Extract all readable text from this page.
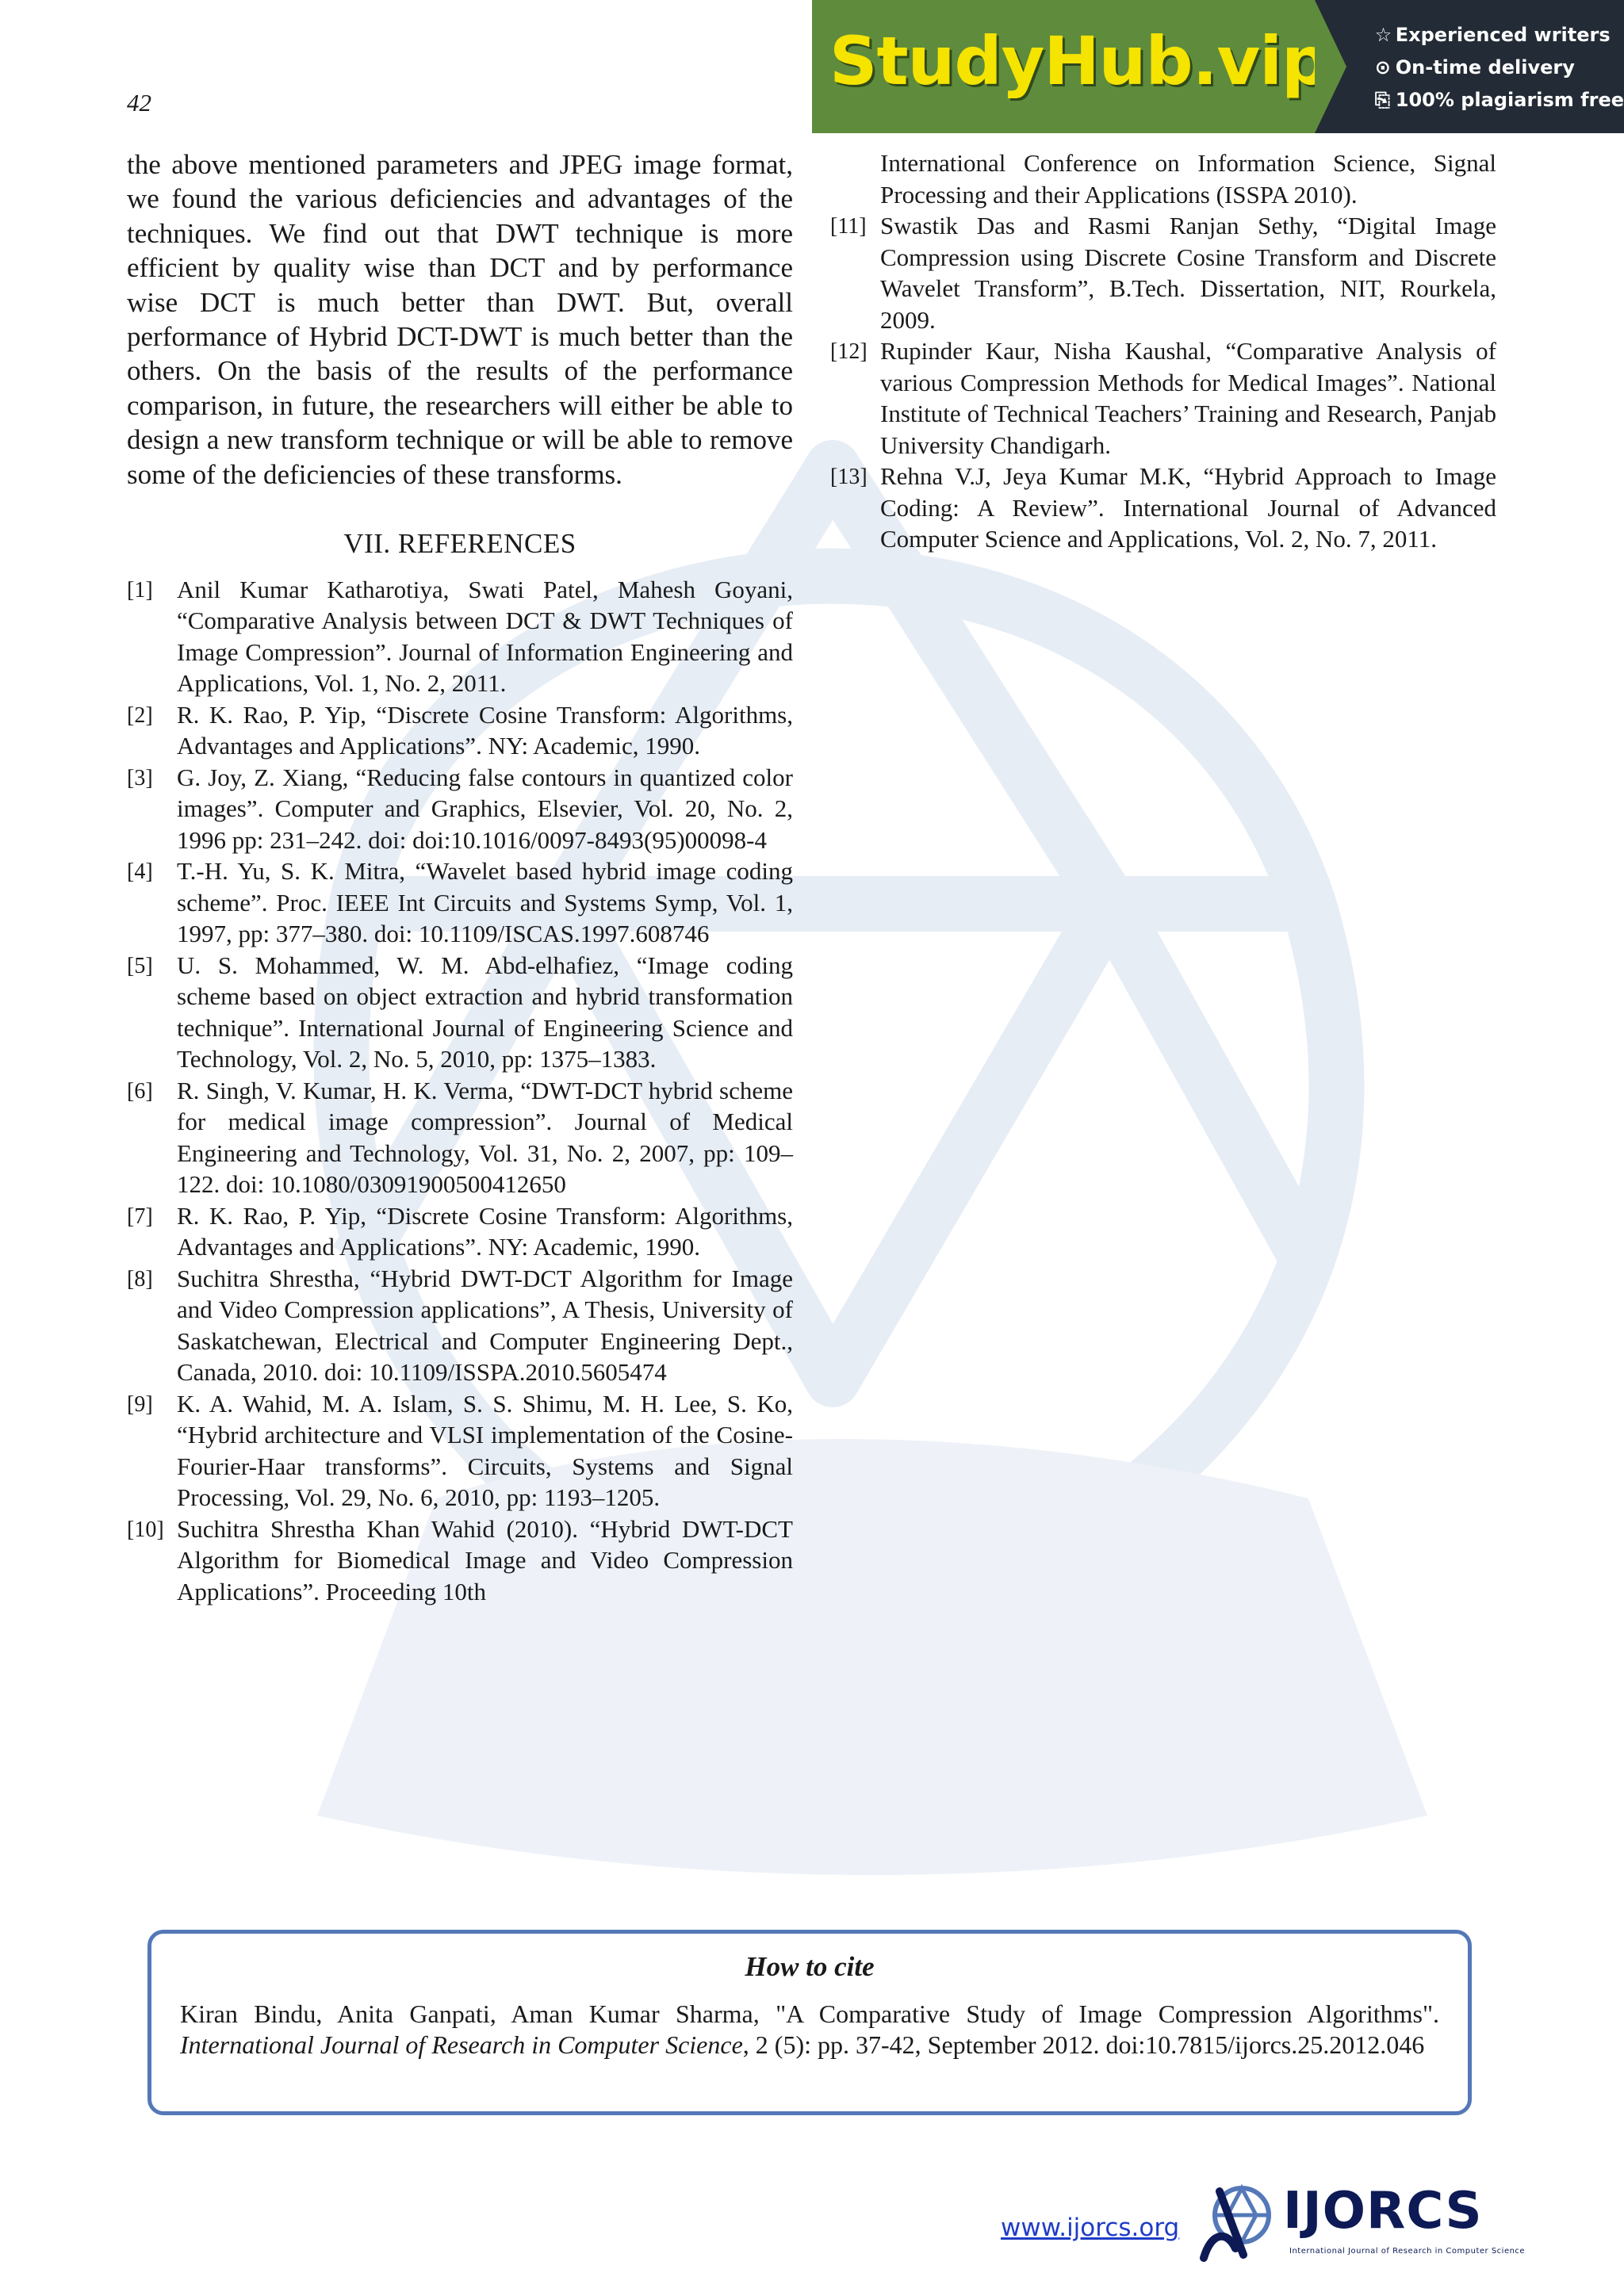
42
StudyHub.vip ☆ Experienced writers
⊙ On-time delivery
⎘ 100% plagiarism free

the above mentioned parameters and JPEG image format, we found the various deficiencies and advantages of the techniques. We find out that DWT technique is more efficient by quality wise than DCT and by performance wise DCT is much better than DWT. But, overall performance of Hybrid DCT-DWT is much better than the others. On the basis of the results of the performance comparison, in future, the researchers will either be able to design a new transform technique or will be able to remove some of the deficiencies of these transforms.

VII. REFERENCES
[1] Anil Kumar Katharotiya, Swati Patel, Mahesh Goyani, “Comparative Analysis between DCT & DWT Techniques of Image Compression”. Journal of Information Engineering and Applications, Vol. 1, No. 2, 2011.
[2] R. K. Rao, P. Yip, “Discrete Cosine Transform: Algorithms, Advantages and Applications”. NY: Academic, 1990.
[3] G. Joy, Z. Xiang, “Reducing false contours in quantized color images”. Computer and Graphics, Elsevier, Vol. 20, No. 2, 1996 pp: 231–242. doi: doi:10.1016/0097-8493(95)00098-4
[4] T.-H. Yu, S. K. Mitra, “Wavelet based hybrid image coding scheme”. Proc. IEEE Int Circuits and Systems Symp, Vol. 1, 1997, pp: 377–380. doi: 10.1109/ISCAS.1997.608746
[5] U. S. Mohammed, W. M. Abd-elhafiez, “Image coding scheme based on object extraction and hybrid transformation technique”. International Journal of Engineering Science and Technology, Vol. 2, No. 5, 2010, pp: 1375–1383.
[6] R. Singh, V. Kumar, H. K. Verma, “DWT-DCT hybrid scheme for medical image compression”. Journal of Medical Engineering and Technology, Vol. 31, No. 2, 2007, pp: 109–122. doi: 10.1080/03091900500412650
[7] R. K. Rao, P. Yip, “Discrete Cosine Transform: Algorithms, Advantages and Applications”. NY: Academic, 1990.
[8] Suchitra Shrestha, “Hybrid DWT-DCT Algorithm for Image and Video Compression applications”, A Thesis, University of Saskatchewan, Electrical and Computer Engineering Dept., Canada, 2010. doi: 10.1109/ISSPA.2010.5605474
[9] K. A. Wahid, M. A. Islam, S. S. Shimu, M. H. Lee, S. Ko, “Hybrid architecture and VLSI implementation of the Cosine-Fourier-Haar transforms”. Circuits, Systems and Signal Processing, Vol. 29, No. 6, 2010, pp: 1193–1205.
[10] Suchitra Shrestha Khan Wahid (2010). “Hybrid DWT-DCT Algorithm for Biomedical Image and Video Compression Applications”. Proceeding 10th
International Conference on Information Science, Signal Processing and their Applications (ISSPA 2010).
[11] Swastik Das and Rasmi Ranjan Sethy, “Digital Image Compression using Discrete Cosine Transform and Discrete Wavelet Transform”, B.Tech. Dissertation, NIT, Rourkela, 2009.
[12] Rupinder Kaur, Nisha Kaushal, “Comparative Analysis of various Compression Methods for Medical Images”. National Institute of Technical Teachers’ Training and Research, Panjab University Chandigarh.
[13] Rehna V.J, Jeya Kumar M.K, “Hybrid Approach to Image Coding: A Review”. International Journal of Advanced Computer Science and Applications, Vol. 2, No. 7, 2011.
How to cite
Kiran Bindu, Anita Ganpati, Aman Kumar Sharma, "A Comparative Study of Image Compression Algorithms". International Journal of Research in Computer Science, 2 (5): pp. 37-42, September 2012. doi:10.7815/ijorcs.25.2012.046
www.ijorcs.org IJORCS
International Journal of Research in Computer Science
